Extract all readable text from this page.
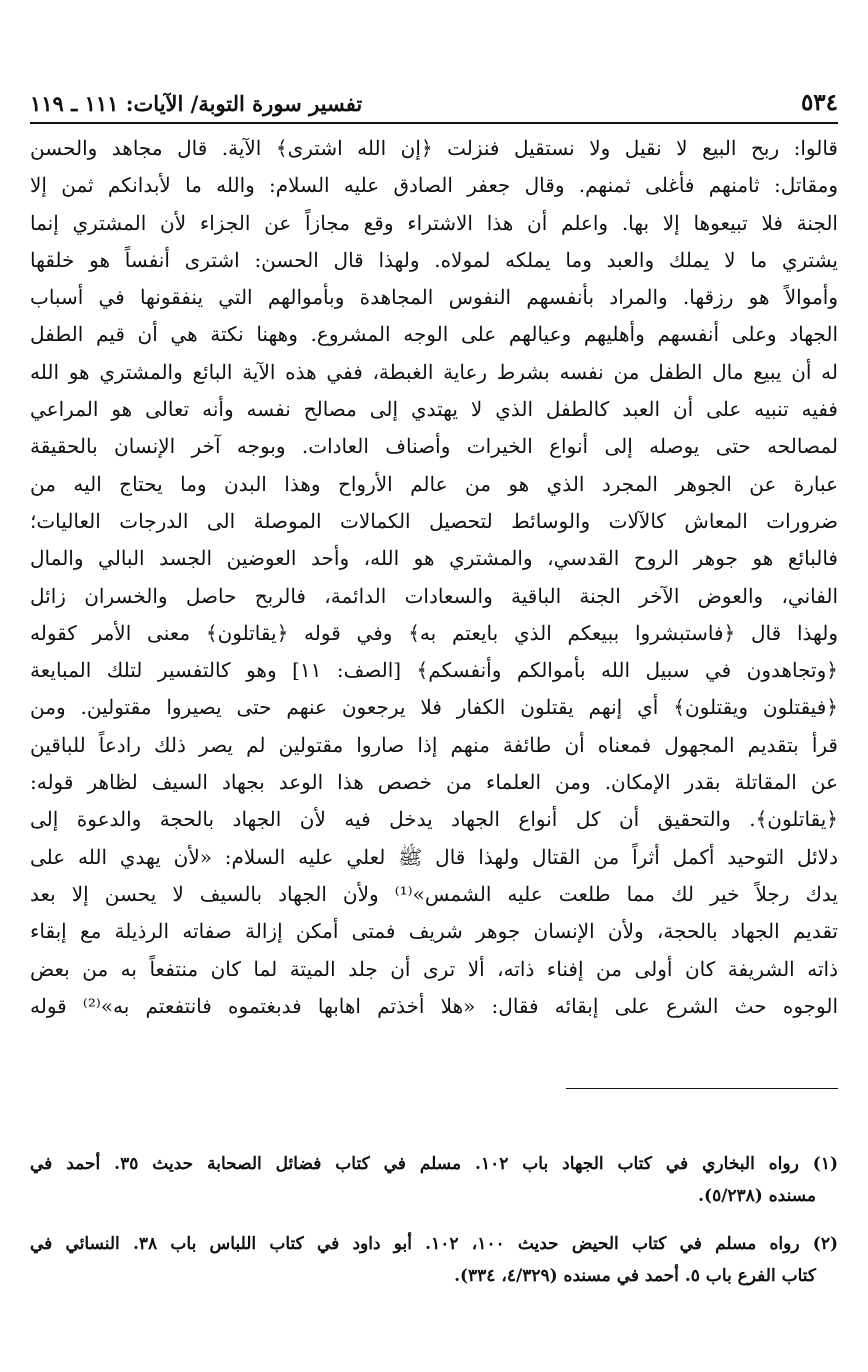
٥٣٤
تفسير سورة التوبة/ الآيات: ١١١ ـ ١١٩
قالوا: ربح البيع لا نقيل ولا نستقيل فنزلت ﴿إن الله اشترى﴾ الآية. قال مجاهد والحسن
ومقاتل: ثامنهم فأغلى ثمنهم. وقال جعفر الصادق عليه السلام: والله ما لأبدانكم ثمن إلا
الجنة فلا تبيعوها إلا بها. واعلم أن هذا الاشتراء وقع مجازاً عن الجزاء لأن المشتري إنما
يشتري ما لا يملك والعبد وما يملكه لمولاه. ولهذا قال الحسن: اشترى أنفساً هو خلقها
وأموالاً هو رزقها. والمراد بأنفسهم النفوس المجاهدة وبأموالهم التي ينفقونها في أسباب
الجهاد وعلى أنفسهم وأهليهم وعيالهم على الوجه المشروع. وههنا نكتة هي أن قيم الطفل
له أن يبيع مال الطفل من نفسه بشرط رعاية الغبطة، ففي هذه الآية البائع والمشتري هو الله
ففيه تنبيه على أن العبد كالطفل الذي لا يهتدي إلى مصالح نفسه وأنه تعالى هو المراعي
لمصالحه حتى يوصله إلى أنواع الخيرات وأصناف العادات. وبوجه آخر الإنسان بالحقيقة
عبارة عن الجوهر المجرد الذي هو من عالم الأرواح وهذا البدن وما يحتاج اليه من
ضرورات المعاش كالآلات والوسائط لتحصيل الكمالات الموصلة الى الدرجات العاليات؛
فالبائع هو جوهر الروح القدسي، والمشتري هو الله، وأحد العوضين الجسد البالي والمال
الفاني، والعوض الآخر الجنة الباقية والسعادات الدائمة، فالربح حاصل والخسران زائل
ولهذا قال ﴿فاستبشروا ببيعكم الذي بايعتم به﴾ وفي قوله ﴿يقاتلون﴾ معنى الأمر كقوله
﴿وتجاهدون في سبيل الله بأموالكم وأنفسكم﴾ [الصف: ١١] وهو كالتفسير لتلك المبايعة
﴿فيقتلون ويقتلون﴾ أي إنهم يقتلون الكفار فلا يرجعون عنهم حتى يصيروا مقتولين. ومن
قرأ بتقديم المجهول فمعناه أن طائفة منهم إذا صاروا مقتولين لم يصر ذلك رادعاً للباقين
عن المقاتلة بقدر الإمكان. ومن العلماء من خصص هذا الوعد بجهاد السيف لظاهر قوله:
﴿يقاتلون﴾. والتحقيق أن كل أنواع الجهاد يدخل فيه لأن الجهاد بالحجة والدعوة إلى
دلائل التوحيد أكمل أثراً من القتال ولهذا قال ﷺ لعلي عليه السلام: «لأن يهدي الله على
يدك رجلاً خير لك مما طلعت عليه الشمس»⁽¹⁾ ولأن الجهاد بالسيف لا يحسن إلا بعد
تقديم الجهاد بالحجة، ولأن الإنسان جوهر شريف فمتى أمكن إزالة صفاته الرذيلة مع إبقاء
ذاته الشريفة كان أولى من إفناء ذاته، ألا ترى أن جلد الميتة لما كان منتفعاً به من بعض
الوجوه حث الشرع على إبقائه فقال: «هلا أخذتم اهابها فدبغتموه فانتفعتم به»⁽²⁾ قوله
(١) رواه البخاري في كتاب الجهاد باب ١٠٢. مسلم في كتاب فضائل الصحابة حديث ٣٥. أحمد في
مسنده (٥/٢٣٨).
(٢) رواه مسلم في كتاب الحيض حديث ١٠٠، ١٠٢. أبو داود في كتاب اللباس باب ٣٨. النسائي في
كتاب الفرع باب ٥. أحمد في مسنده (٤/٣٢٩، ٣٣٤).
